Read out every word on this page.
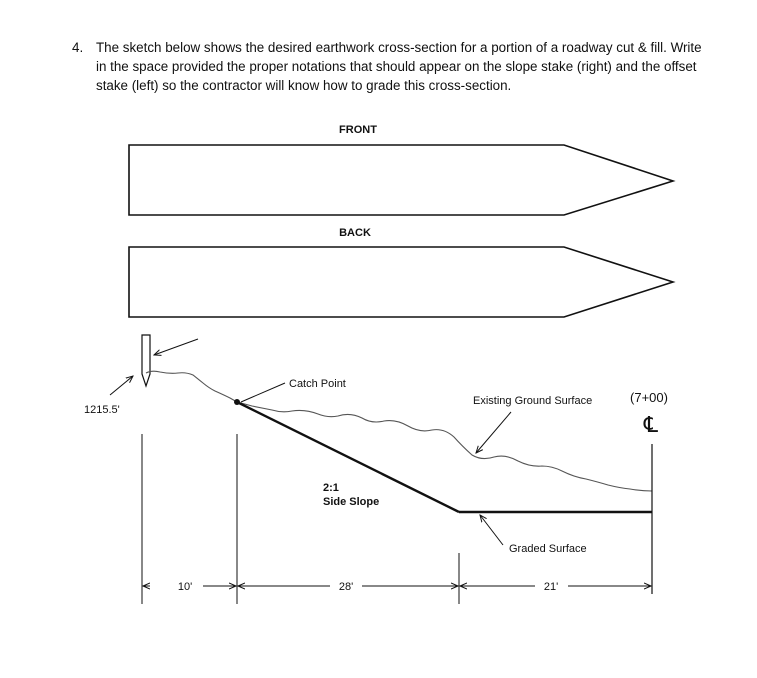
4. The sketch below shows the desired earthwork cross-section for a portion of a roadway cut & fill. Write in the space provided the proper notations that should appear on the slope stake (right) and the offset stake (left) so the contractor will know how to grade this cross-section.
FRONT
BACK
1215.5'
Catch Point
2:1
Side Slope
Existing Ground Surface
Graded Surface
(7+00)
℄
10'	28'	21'
